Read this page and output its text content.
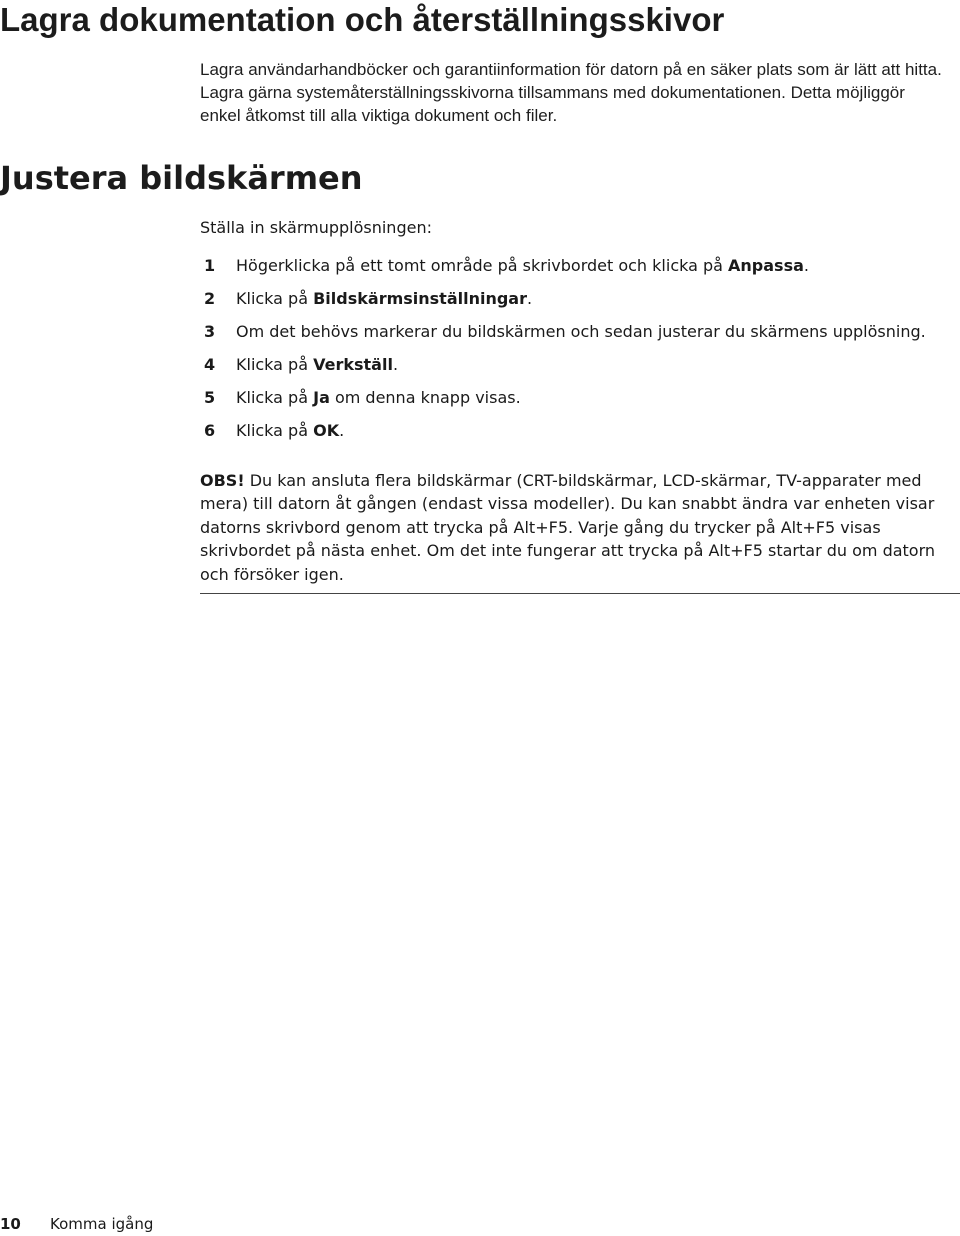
Lagra dokumentation och återställningsskivor

Lagra användarhandböcker och garantiinformation för datorn på en säker plats som är lätt att hitta. Lagra gärna systemåterställningsskivorna tillsammans med dokumentationen. Detta möjliggör enkel åtkomst till alla viktiga dokument och filer.

Justera bildskärmen

Ställa in skärmupplösningen:

1	Högerklicka på ett tomt område på skrivbordet och klicka på Anpassa.
2	Klicka på Bildskärmsinställningar.
3	Om det behövs markerar du bildskärmen och sedan justerar du skärmens upplösning.
4	Klicka på Verkställ.
5	Klicka på Ja om denna knapp visas.
6	Klicka på OK.

OBS! Du kan ansluta flera bildskärmar (CRT-bildskärmar, LCD-skärmar, TV-apparater med mera) till datorn åt gången (endast vissa modeller). Du kan snabbt ändra var enheten visar datorns skrivbord genom att trycka på Alt+F5. Varje gång du trycker på Alt+F5 visas skrivbordet på nästa enhet. Om det inte fungerar att trycka på Alt+F5 startar du om datorn och försöker igen.

10 Komma igång
